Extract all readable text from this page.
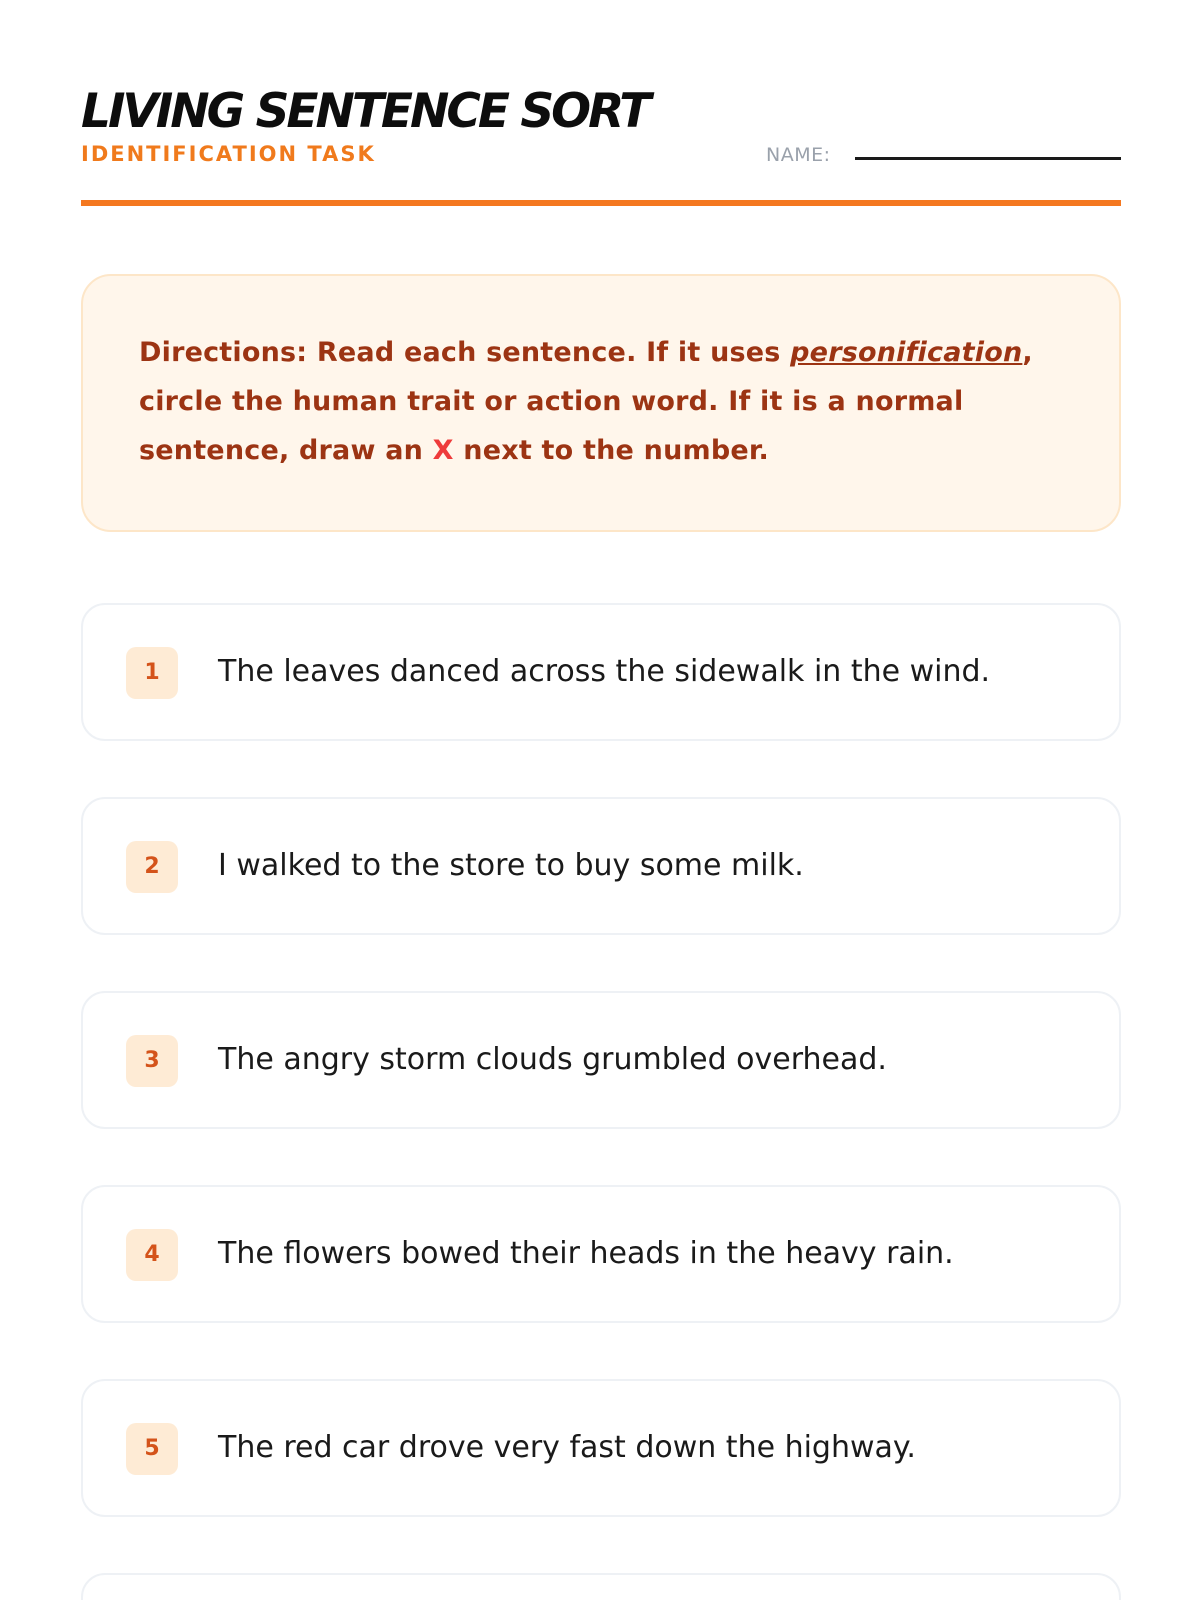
LIVING SENTENCE SORT
IDENTIFICATION TASK	NAME:

Directions: Read each sentence. If it uses personification, circle the human trait or action word. If it is a normal sentence, draw an X next to the number.

1	The leaves danced across the sidewalk in the wind.
2	I walked to the store to buy some milk.
3	The angry storm clouds grumbled overhead.
4	The flowers bowed their heads in the heavy rain.
5	The red car drove very fast down the highway.
